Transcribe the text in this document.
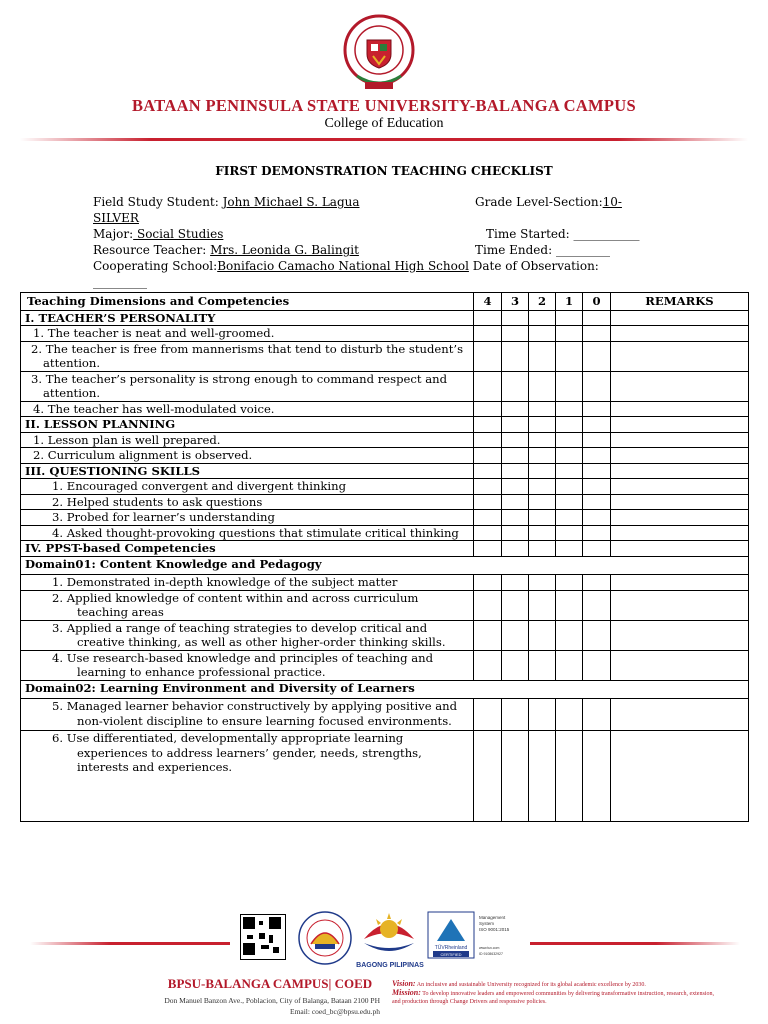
BATAAN PENINSULA STATE UNIVERSITY-BALANGA CAMPUS
College of Education
FIRST DEMONSTRATION TEACHING CHECKLIST
Field Study Student: John Michael S. Lagua	Grade Level-Section:10-
SILVER
Major: Social Studies	Time Started: ___________
Resource Teacher: Mrs. Leonida G. Balingit	Time Ended: _________
Cooperating School:Bonifacio Camacho National High School Date of Observation:
_________
Teaching Dimensions and Competencies	4	3	2	1	0	REMARKS
I. TEACHER’S PERSONALITY						
1. The teacher is neat and well-groomed.						
2. The teacher is free from mannerisms that tend to disturb the student’s attention.						
3. The teacher’s personality is strong enough to command respect and attention.						
4. The teacher has well-modulated voice.						
II. LESSON PLANNING						
1. Lesson plan is well prepared.						
2. Curriculum alignment is observed.						
III. QUESTIONING SKILLS						
1. Encouraged convergent and divergent thinking						
2. Helped students to ask questions						
3. Probed for learner’s understanding						
4. Asked thought-provoking questions that stimulate critical thinking						
IV. PPST-based Competencies						
Domain01: Content Knowledge and Pedagogy						
1. Demonstrated in-depth knowledge of the subject matter						
2. Applied knowledge of content within and across curriculum teaching areas						
3. Applied a range of teaching strategies to develop critical and creative thinking, as well as other higher-order thinking skills.						
4. Use research-based knowledge and principles of teaching and learning to enhance professional practice.						
Domain02: Learning Environment and Diversity of Learners						
5. Managed learner behavior constructively by applying positive and non-violent discipline to ensure learning focused environments.						
6. Use differentiated, developmentally appropriate learning experiences to address learners’ gender, needs, strengths, interests and experiences.						
BAGONG PILIPINAS
TÜVRheinland
CERTIFIED
Management
System
ISO 9001:2015
www.tuv.com
ID 9108632927
BPSU-BALANGA CAMPUS| COED
Don Manuel Banzon Ave., Poblacion, City of Balanga, Bataan 2100 PH
Email: coed_bc@bpsu.edu.ph
Vision: An inclusive and sustainable University recognized for its global academic excellence by 2030.
Mission: To develop innovative leaders and empowered communities by delivering transformative instruction, research, extension, and production through Change Drivers and responsive policies.
